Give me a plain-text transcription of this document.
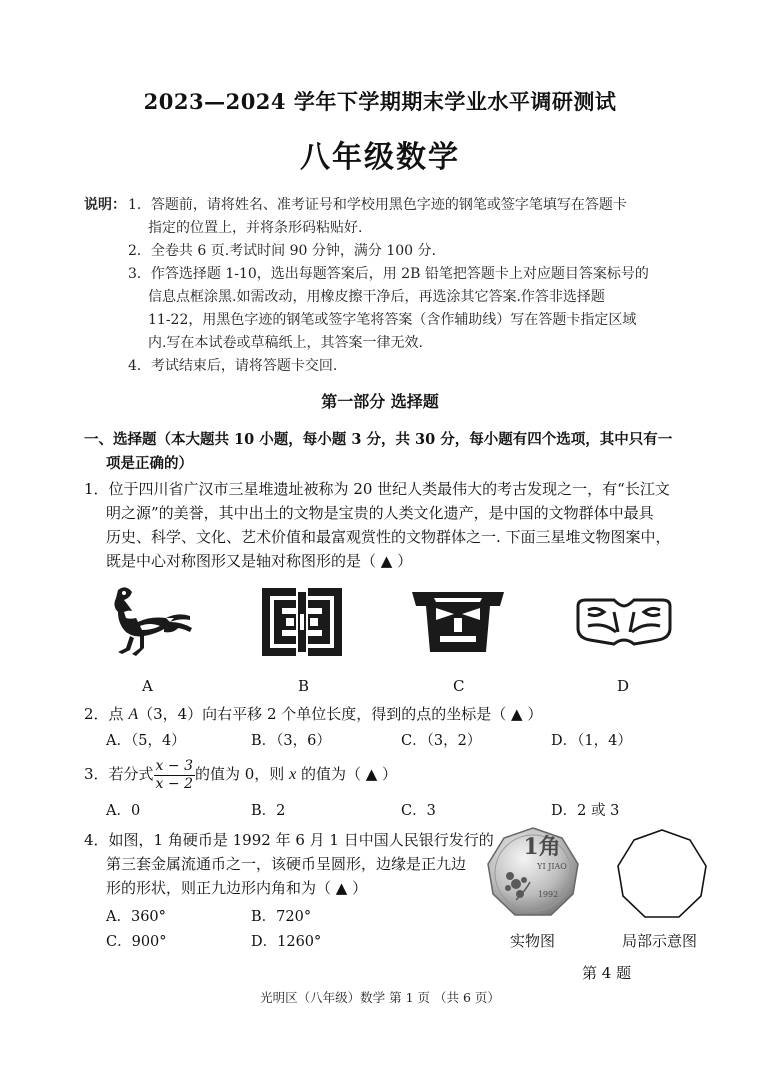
2023—2024 学年下学期期末学业水平调研测试
八年级数学
说明： 1．答题前，请将姓名、准考证号和学校用黑色字迹的钢笔或签字笔填写在答题卡
指定的位置上，并将条形码粘贴好.
2．全卷共 6 页.考试时间 90 分钟，满分 100 分.
3．作答选择题 1-10，选出每题答案后，用 2B 铅笔把答题卡上对应题目答案标号的
信息点框涂黑.如需改动，用橡皮擦干净后，再选涂其它答案.作答非选择题
11-22，用黑色字迹的钢笔或签字笔将答案（含作辅助线）写在答题卡指定区域
内.写在本试卷或草稿纸上，其答案一律无效.
4．考试结束后，请将答题卡交回.
第一部分 选择题
一、选择题（本大题共 10 小题，每小题 3 分，共 30 分，每小题有四个选项，其中只有一
项是正确的）
1．位于四川省广汉市三星堆遗址被称为 20 世纪人类最伟大的考古发现之一，有“长江文
明之源”的美誉，其中出土的文物是宝贵的人类文化遗产，是中国的文物群体中最具
历史、科学、文化、艺术价值和最富观赏性的文物群体之一. 下面三星堆文物图案中，
既是中心对称图形又是轴对称图形的是（ ▲ ）
A	B	C	D
2．点 A（3，4）向右平移 2 个单位长度，得到的点的坐标是（ ▲ ）
A．（5，4）	B．（3，6）	C．（3，2）	D．（1，4）
3．若分式 $\frac{x - 3}{x - 2}$ 的值为 0，则 x 的值为（ ▲ ）
A．0	B．2	C．3	D．2 或 3
4．如图，1 角硬币是 1992 年 6 月 1 日中国人民银行发行的
第三套金属流通币之一，该硬币呈圆形，边缘是正九边
形的形状，则正九边形内角和为（ ▲ ）
A．360°	B．720°
C．900°	D．1260°
1角
YI JIAO
1992
实物图	局部示意图
第 4 题
光明区（八年级）数学 第 1 页 （共 6 页）
